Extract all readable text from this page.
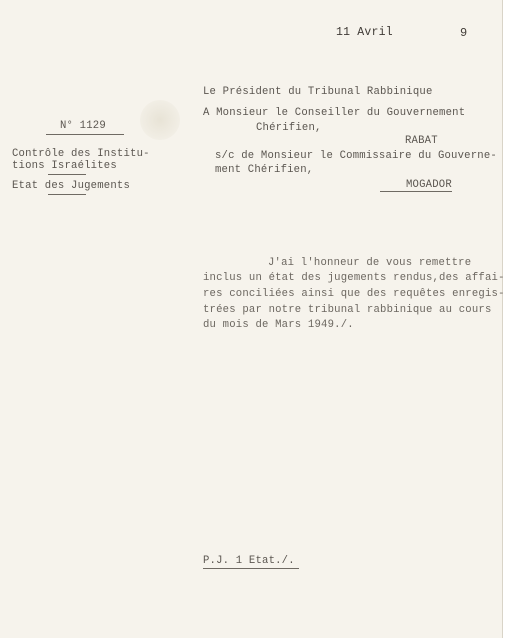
11 Avril	9
Le Président du Tribunal Rabbinique
A Monsieur le Conseiller du Gouvernement
Chérifien,
RABAT
s/c de Monsieur le Commissaire du Gouverne-
ment Chérifien,
MOGADOR
N° 1129
Contrôle des Institu-
tions Israélites
Etat des Jugements
J'ai l'honneur de vous remettre
inclus un état des jugements rendus,des affai-
res conciliées ainsi que des requêtes enregis-
trées par notre tribunal rabbinique au cours
du mois de Mars 1949./.
P.J. 1 Etat./.
